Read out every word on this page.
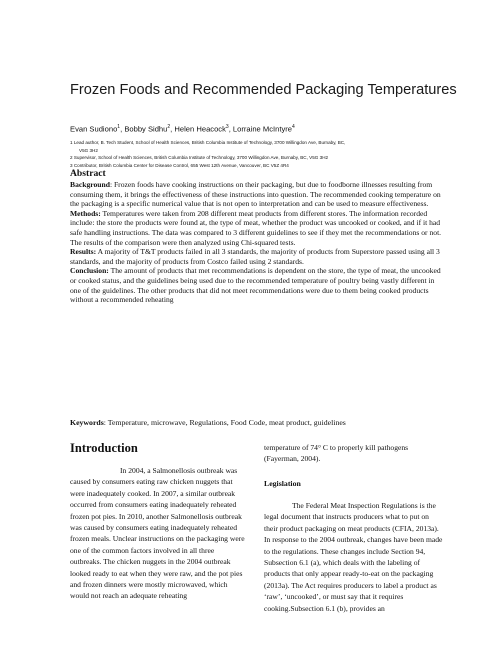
Frozen Foods and Recommended Packaging Temperatures
Evan Sudiono$^1$, Bobby Sidhu$^2$, Helen Heacock$^3$, Lorraine McIntyre$^4$
1 Lead author, B. Tech Student, School of Health Sciences, British Columbia Institute of Technology, 3700 Willingdon Ave, Burnaby, BC,
V5G 3H2
2 Supervisor, School of Health Sciences, British Columbia Institute of Technology, 3700 Willingdon Ave, Burnaby, BC, V5G 3H2
3 Contributor, British Columbia Center for Disease Control, 655 West 12th Avenue, Vancouver, BC V5Z 4R4
Abstract
Background: Frozen foods have cooking instructions on their packaging, but due to foodborne illnesses resulting from consuming them, it brings the effectiveness of these instructions into question. The recommended cooking temperature on the packaging is a specific numerical value that is not open to interpretation and can be used to measure effectiveness.
Methods: Temperatures were taken from 208 different meat products from different stores. The information recorded include: the store the products were found at, the type of meat, whether the product was uncooked or cooked, and if it had safe handling instructions. The data was compared to 3 different guidelines to see if they met the recommendations or not. The results of the comparison were then analyzed using Chi-squared tests.
Results: A majority of T&T products failed in all 3 standards, the majority of products from Superstore passed using all 3 standards, and the majority of products from Costco failed using 2 standards.
Conclusion: The amount of products that met recommendations is dependent on the store, the type of meat, the uncooked or cooked status, and the guidelines being used due to the recommended temperature of poultry being vastly different in one of the guidelines. The other products that did not meet recommendations were due to them being cooked products without a recommended reheating
Keywords: Temperature, microwave, Regulations, Food Code, meat product, guidelines
Introduction
In 2004, a Salmonellosis outbreak was caused by consumers eating raw chicken nuggets that were inadequately cooked. In 2007, a similar outbreak occurred from consumers eating inadequately reheated frozen pot pies. In 2010, another Salmonellosis outbreak was caused by consumers eating inadequately reheated frozen meals. Unclear instructions on the packaging were one of the common factors involved in all three outbreaks. The chicken nuggets in the 2004 outbreak looked ready to eat when they were raw, and the pot pies and frozen dinners were mostly microwaved, which would not reach an adequate reheating
temperature of 74° C to properly kill pathogens (Fayerman, 2004).
Legislation
The Federal Meat Inspection Regulations is the legal document that instructs producers what to put on their product packaging on meat products (CFIA, 2013a). In response to the 2004 outbreak, changes have been made to the regulations. These changes include Section 94, Subsection 6.1 (a), which deals with the labeling of products that only appear ready-to-eat on the packaging (2013a). The Act requires producers to label a product as ‘raw’, ‘uncooked’, or must say that it requires cooking.Subsection 6.1 (b), provides an
